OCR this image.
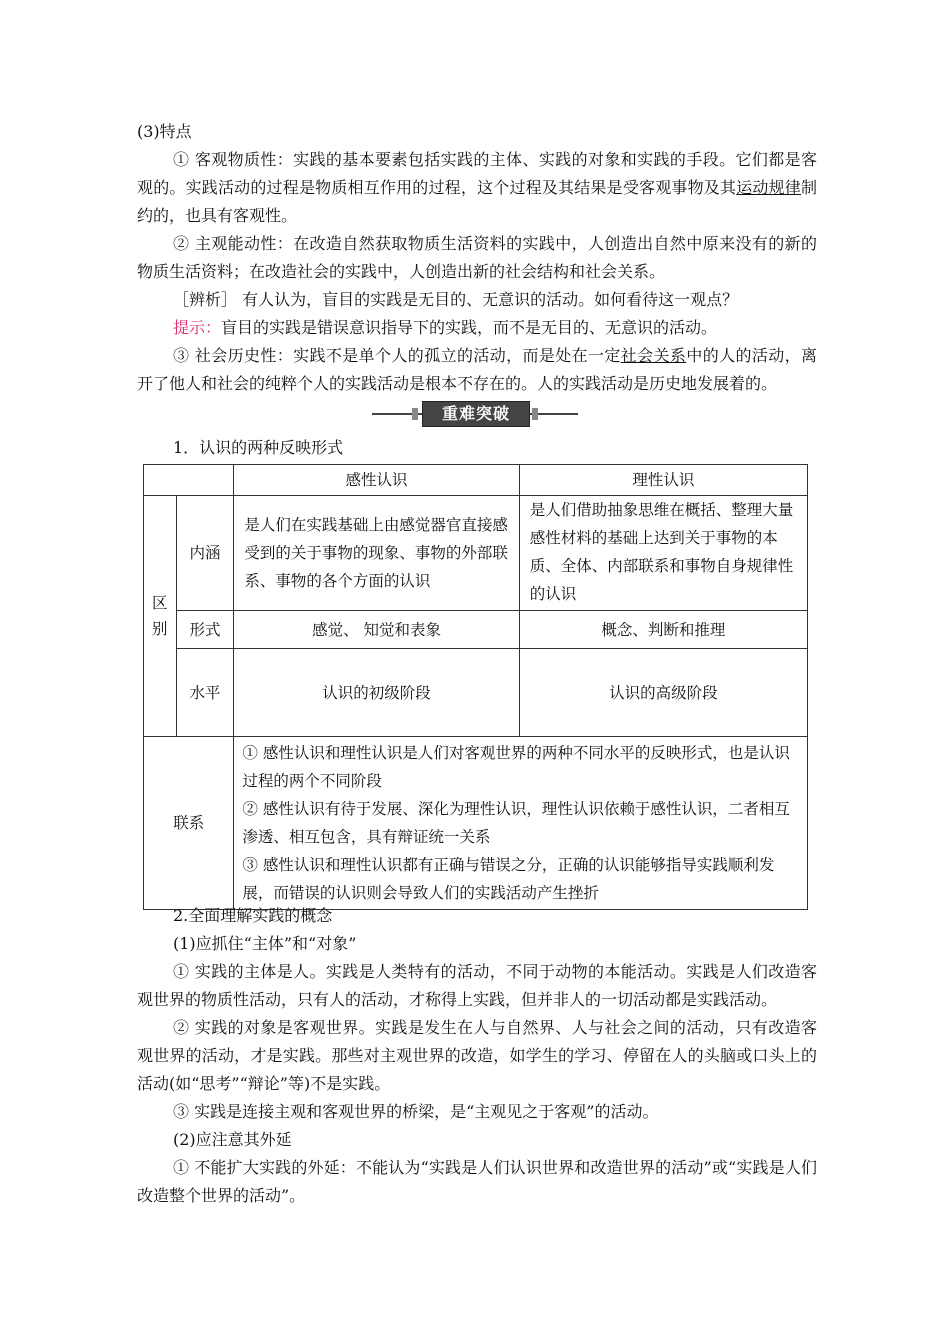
(3)特点
① 客观物质性：实践的基本要素包括实践的主体、实践的对象和实践的手段。它们都是客观的。实践活动的过程是物质相互作用的过程，这个过程及其结果是受客观事物及其运动规律制约的，也具有客观性。
② 主观能动性：在改造自然获取物质生活资料的实践中，人创造出自然中原来没有的新的物质生活资料；在改造社会的实践中，人创造出新的社会结构和社会关系。
［辨析］ 有人认为，盲目的实践是无目的、无意识的活动。如何看待这一观点？
提示：盲目的实践是错误意识指导下的实践，而不是无目的、无意识的活动。
③ 社会历史性：实践不是单个人的孤立的活动，而是处在一定社会关系中的人的活动，离开了他人和社会的纯粹个人的实践活动是根本不存在的。人的实践活动是历史地发展着的。
重难突破
1．认识的两种反映形式
		感性认识	理性认识
区别	内涵	是人们在实践基础上由感觉器官直接感受到的关于事物的现象、事物的外部联系、事物的各个方面的认识	是人们借助抽象思维在概括、整理大量感性材料的基础上达到关于事物的本质、全体、内部联系和事物自身规律性的认识
	形式	感觉、 知觉和表象	概念、判断和推理
	水平	认识的初级阶段	认识的高级阶段
联系		① 感性认识和理性认识是人们对客观世界的两种不同水平的反映形式，也是认识过程的两个不同阶段
② 感性认识有待于发展、深化为理性认识，理性认识依赖于感性认识，二者相互渗透、相互包含，具有辩证统一关系
③ 感性认识和理性认识都有正确与错误之分，正确的认识能够指导实践顺利发展，而错误的认识则会导致人们的实践活动产生挫折	
2.全面理解实践的概念
(1)应抓住“主体”和“对象”
① 实践的主体是人。实践是人类特有的活动，不同于动物的本能活动。实践是人们改造客观世界的物质性活动，只有人的活动，才称得上实践，但并非人的一切活动都是实践活动。
② 实践的对象是客观世界。实践是发生在人与自然界、人与社会之间的活动，只有改造客观世界的活动，才是实践。那些对主观世界的改造，如学生的学习、停留在人的头脑或口头上的活动(如“思考”“辩论”等)不是实践。
③ 实践是连接主观和客观世界的桥梁，是“主观见之于客观”的活动。
(2)应注意其外延
① 不能扩大实践的外延：不能认为“实践是人们认识世界和改造世界的活动”或“实践是人们改造整个世界的活动”。
